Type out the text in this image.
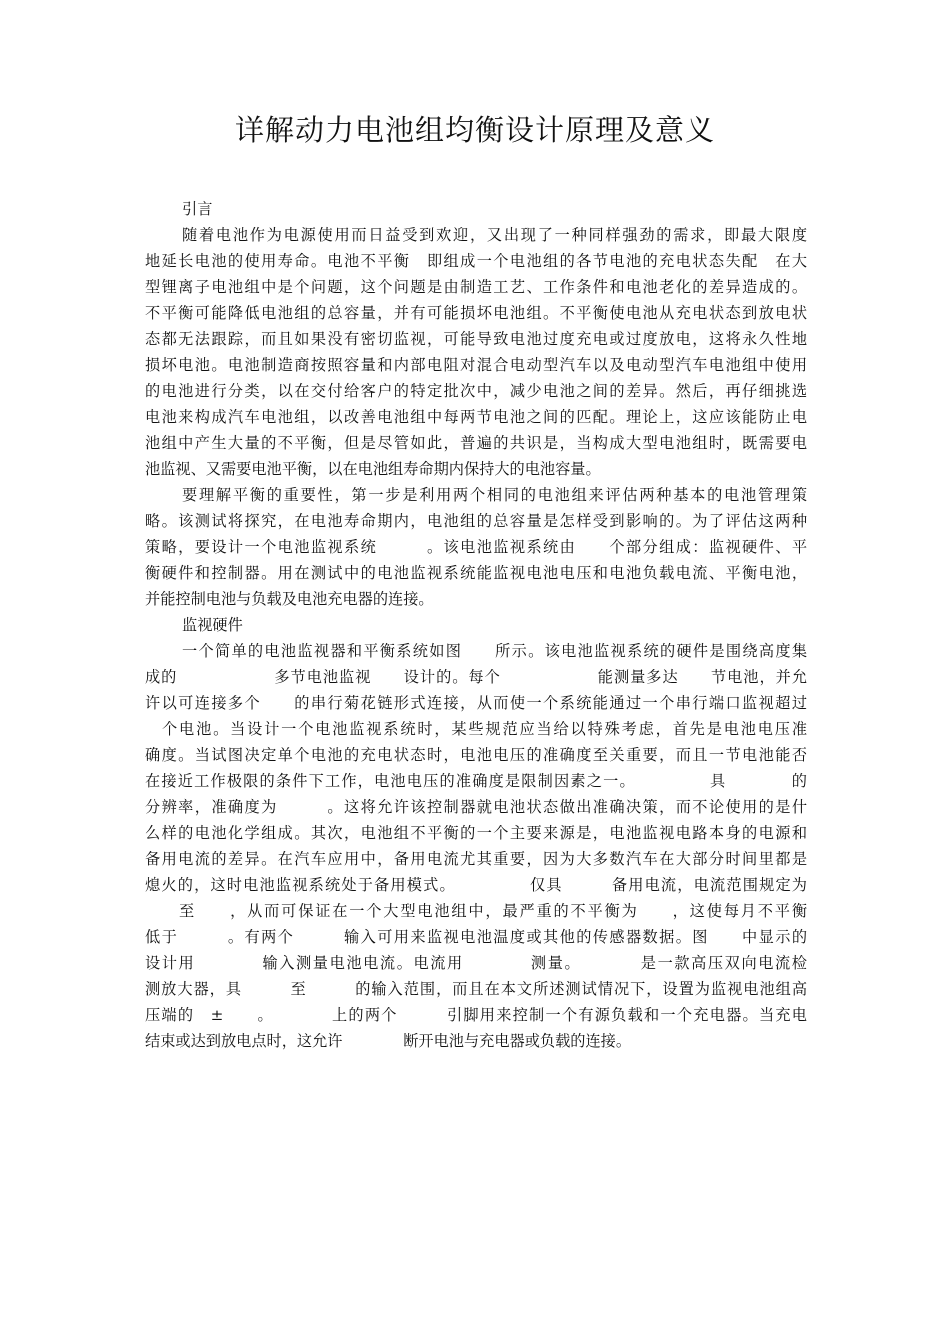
详解动力电池组均衡设计原理及意义
引言
随着电池作为电源使用而日益受到欢迎，又出现了一种同样强劲的需求，即最大限度
地延长电池的使用寿命。电池不平衡　即组成一个电池组的各节电池的充电状态失配　在大
型锂离子电池组中是个问题，这个问题是由制造工艺、工作条件和电池老化的差异造成的。
不平衡可能降低电池组的总容量，并有可能损坏电池组。不平衡使电池从充电状态到放电状
态都无法跟踪，而且如果没有密切监视，可能导致电池过度充电或过度放电，这将永久性地
损坏电池。电池制造商按照容量和内部电阻对混合电动型汽车以及电动型汽车电池组中使用
的电池进行分类，以在交付给客户的特定批次中，减少电池之间的差异。然后，再仔细挑选
电池来构成汽车电池组，以改善电池组中每两节电池之间的匹配。理论上，这应该能防止电
池组中产生大量的不平衡，但是尽管如此，普遍的共识是，当构成大型电池组时，既需要电
池监视、又需要电池平衡，以在电池组寿命期内保持大的电池容量。
要理解平衡的重要性，第一步是利用两个相同的电池组来评估两种基本的电池管理策
略。该测试将探究，在电池寿命期内，电池组的总容量是怎样受到影响的。为了评估这两种
策略，要设计一个电池监视系统　　　。该电池监视系统由　　个部分组成：监视硬件、平
衡硬件和控制器。用在测试中的电池监视系统能监视电池电压和电池负载电流、平衡电池，
并能控制电池与负载及电池充电器的连接。
监视硬件
一个简单的电池监视器和平衡系统如图　　所示。该电池监视系统的硬件是围绕高度集
成的　　　　　　多节电池监视　　设计的。每个　　　　　　能测量多达　　节电池，并允
许以可连接多个　　的串行菊花链形式连接，从而使一个系统能通过一个串行端口监视超过
　个电池。当设计一个电池监视系统时，某些规范应当给以特殊考虑，首先是电池电压准
确度。当试图决定单个电池的充电状态时，电池电压的准确度至关重要，而且一节电池能否
在接近工作极限的条件下工作，电池电压的准确度是限制因素之一。　　　　　具　　　　的
分辨率，准确度为　　　。这将允许该控制器就电池状态做出准确决策，而不论使用的是什
么样的电池化学组成。其次，电池组不平衡的一个主要来源是，电池监视电路本身的电源和
备用电流的差异。在汽车应用中，备用电流尤其重要，因为大多数汽车在大部分时间里都是
熄火的，这时电池监视系统处于备用模式。　　　　　仅具　　　备用电流，电流范围规定为
　　至　　，从而可保证在一个大型电池组中，最严重的不平衡为　　，这使每月不平衡
低于　　　。有两个　　　输入可用来监视电池温度或其他的传感器数据。图　　中显示的
设计用　　　　输入测量电池电流。电流用　　　　测量。　　　　是一款高压双向电流检
测放大器，具　　　至　　　的输入范围，而且在本文所述测试情况下，设置为监视电池组高
压端的　±　　。　　　　上的两个　　　引脚用来控制一个有源负载和一个充电器。当充电
结束或达到放电点时，这允许　　　　断开电池与充电器或负载的连接。
